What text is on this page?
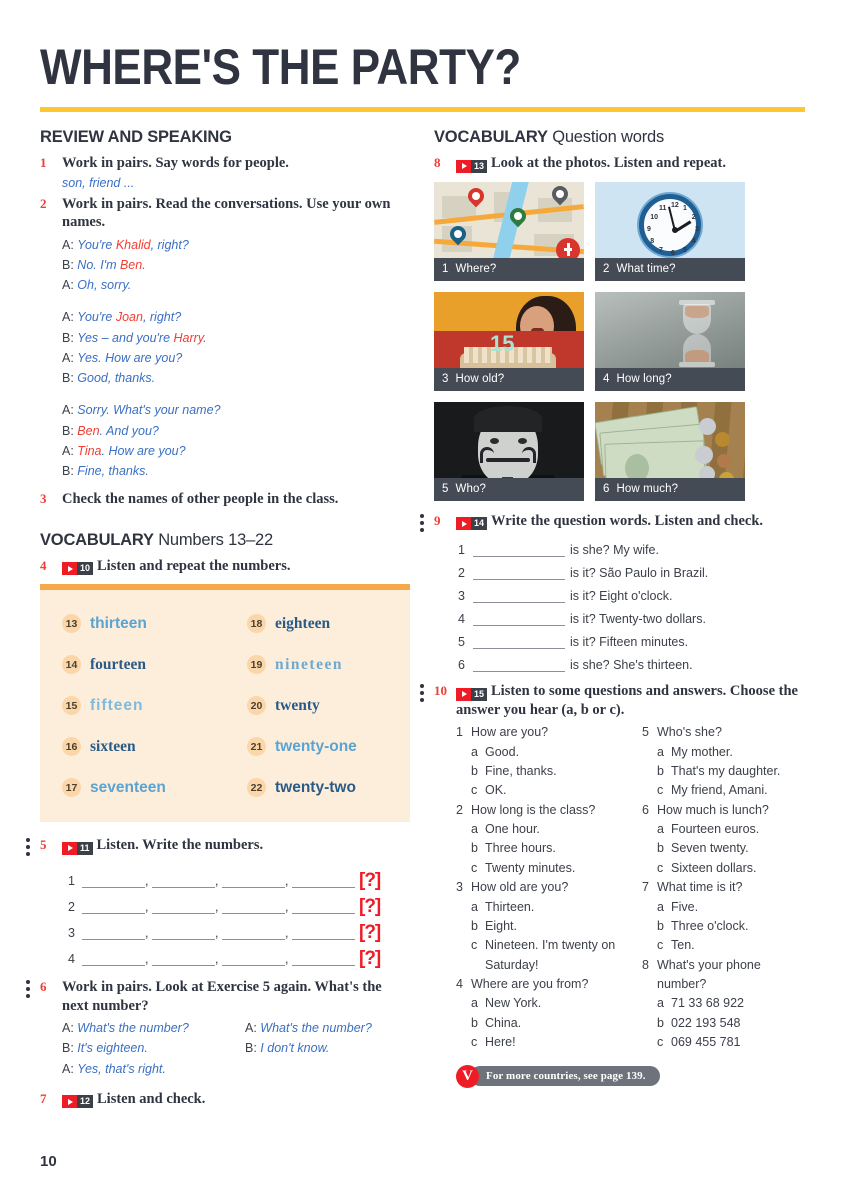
WHERE'S THE PARTY?
REVIEW AND SPEAKING
1	Work in pairs. Say words for people.
son, friend ...
2	Work in pairs. Read the conversations. Use your own names.
A: You're Khalid, right?
B: No. I'm Ben.
A: Oh, sorry.
A: You're Joan, right?
B: Yes – and you're Harry.
A: Yes. How are you?
B: Good, thanks.
A: Sorry. What's your name?
B: Ben. And you?
A: Tina. How are you?
B: Fine, thanks.
3	Check the names of other people in the class.
VOCABULARY Numbers 13–22
4	10 Listen and repeat the numbers.
13 thirteen
14 fourteen
15 fifteen
16 sixteen
17 seventeen
18 eighteen
19 nineteen
20 twenty
21 twenty-one
22 twenty-two
5	11 Listen. Write the numbers.
1	,	,	,	[?]
2	,	,	,	[?]
3	,	,	,	[?]
4	,	,	,	[?]
6	Work in pairs. Look at Exercise 5 again. What's the next number?
A: What's the number?
B: It's eighteen.
A: Yes, that's right.
A: What's the number?
B: I don't know.
7	12 Listen and check.
VOCABULARY Question words
8	13 Look at the photos. Listen and repeat.
1 Where?
12 1
2
3
4
5
6
7
8
9
10
11
2 What time?
15
3 How old?	4 How long?
5 Who?	6 How much?
9	14 Write the question words. Listen and check.
1	is she? My wife.
2	is it? São Paulo in Brazil.
3	is it? Eight o'clock.
4	is it? Twenty-two dollars.
5	is it? Fifteen minutes.
6	is she? She's thirteen.
10	15 Listen to some questions and answers. Choose the answer you hear (a, b or c).
1 How are you?
a Good.
b Fine, thanks.
c OK.
2 How long is the class?
a One hour.
b Three hours.
c Twenty minutes.
3 How old are you?
a Thirteen.
b Eight.
c Nineteen. I'm twenty on Saturday!
4 Where are you from?
a New York.
b China.
c Here!
5 Who's she?
a My mother.
b That's my daughter.
c My friend, Amani.
6 How much is lunch?
a Fourteen euros.
b Seven twenty.
c Sixteen dollars.
7 What time is it?
a Five.
b Three o'clock.
c Ten.
8 What's your phone number?
a 71 33 68 922
b 022 193 548
c 069 455 781
V	For more countries, see page 139.
10
